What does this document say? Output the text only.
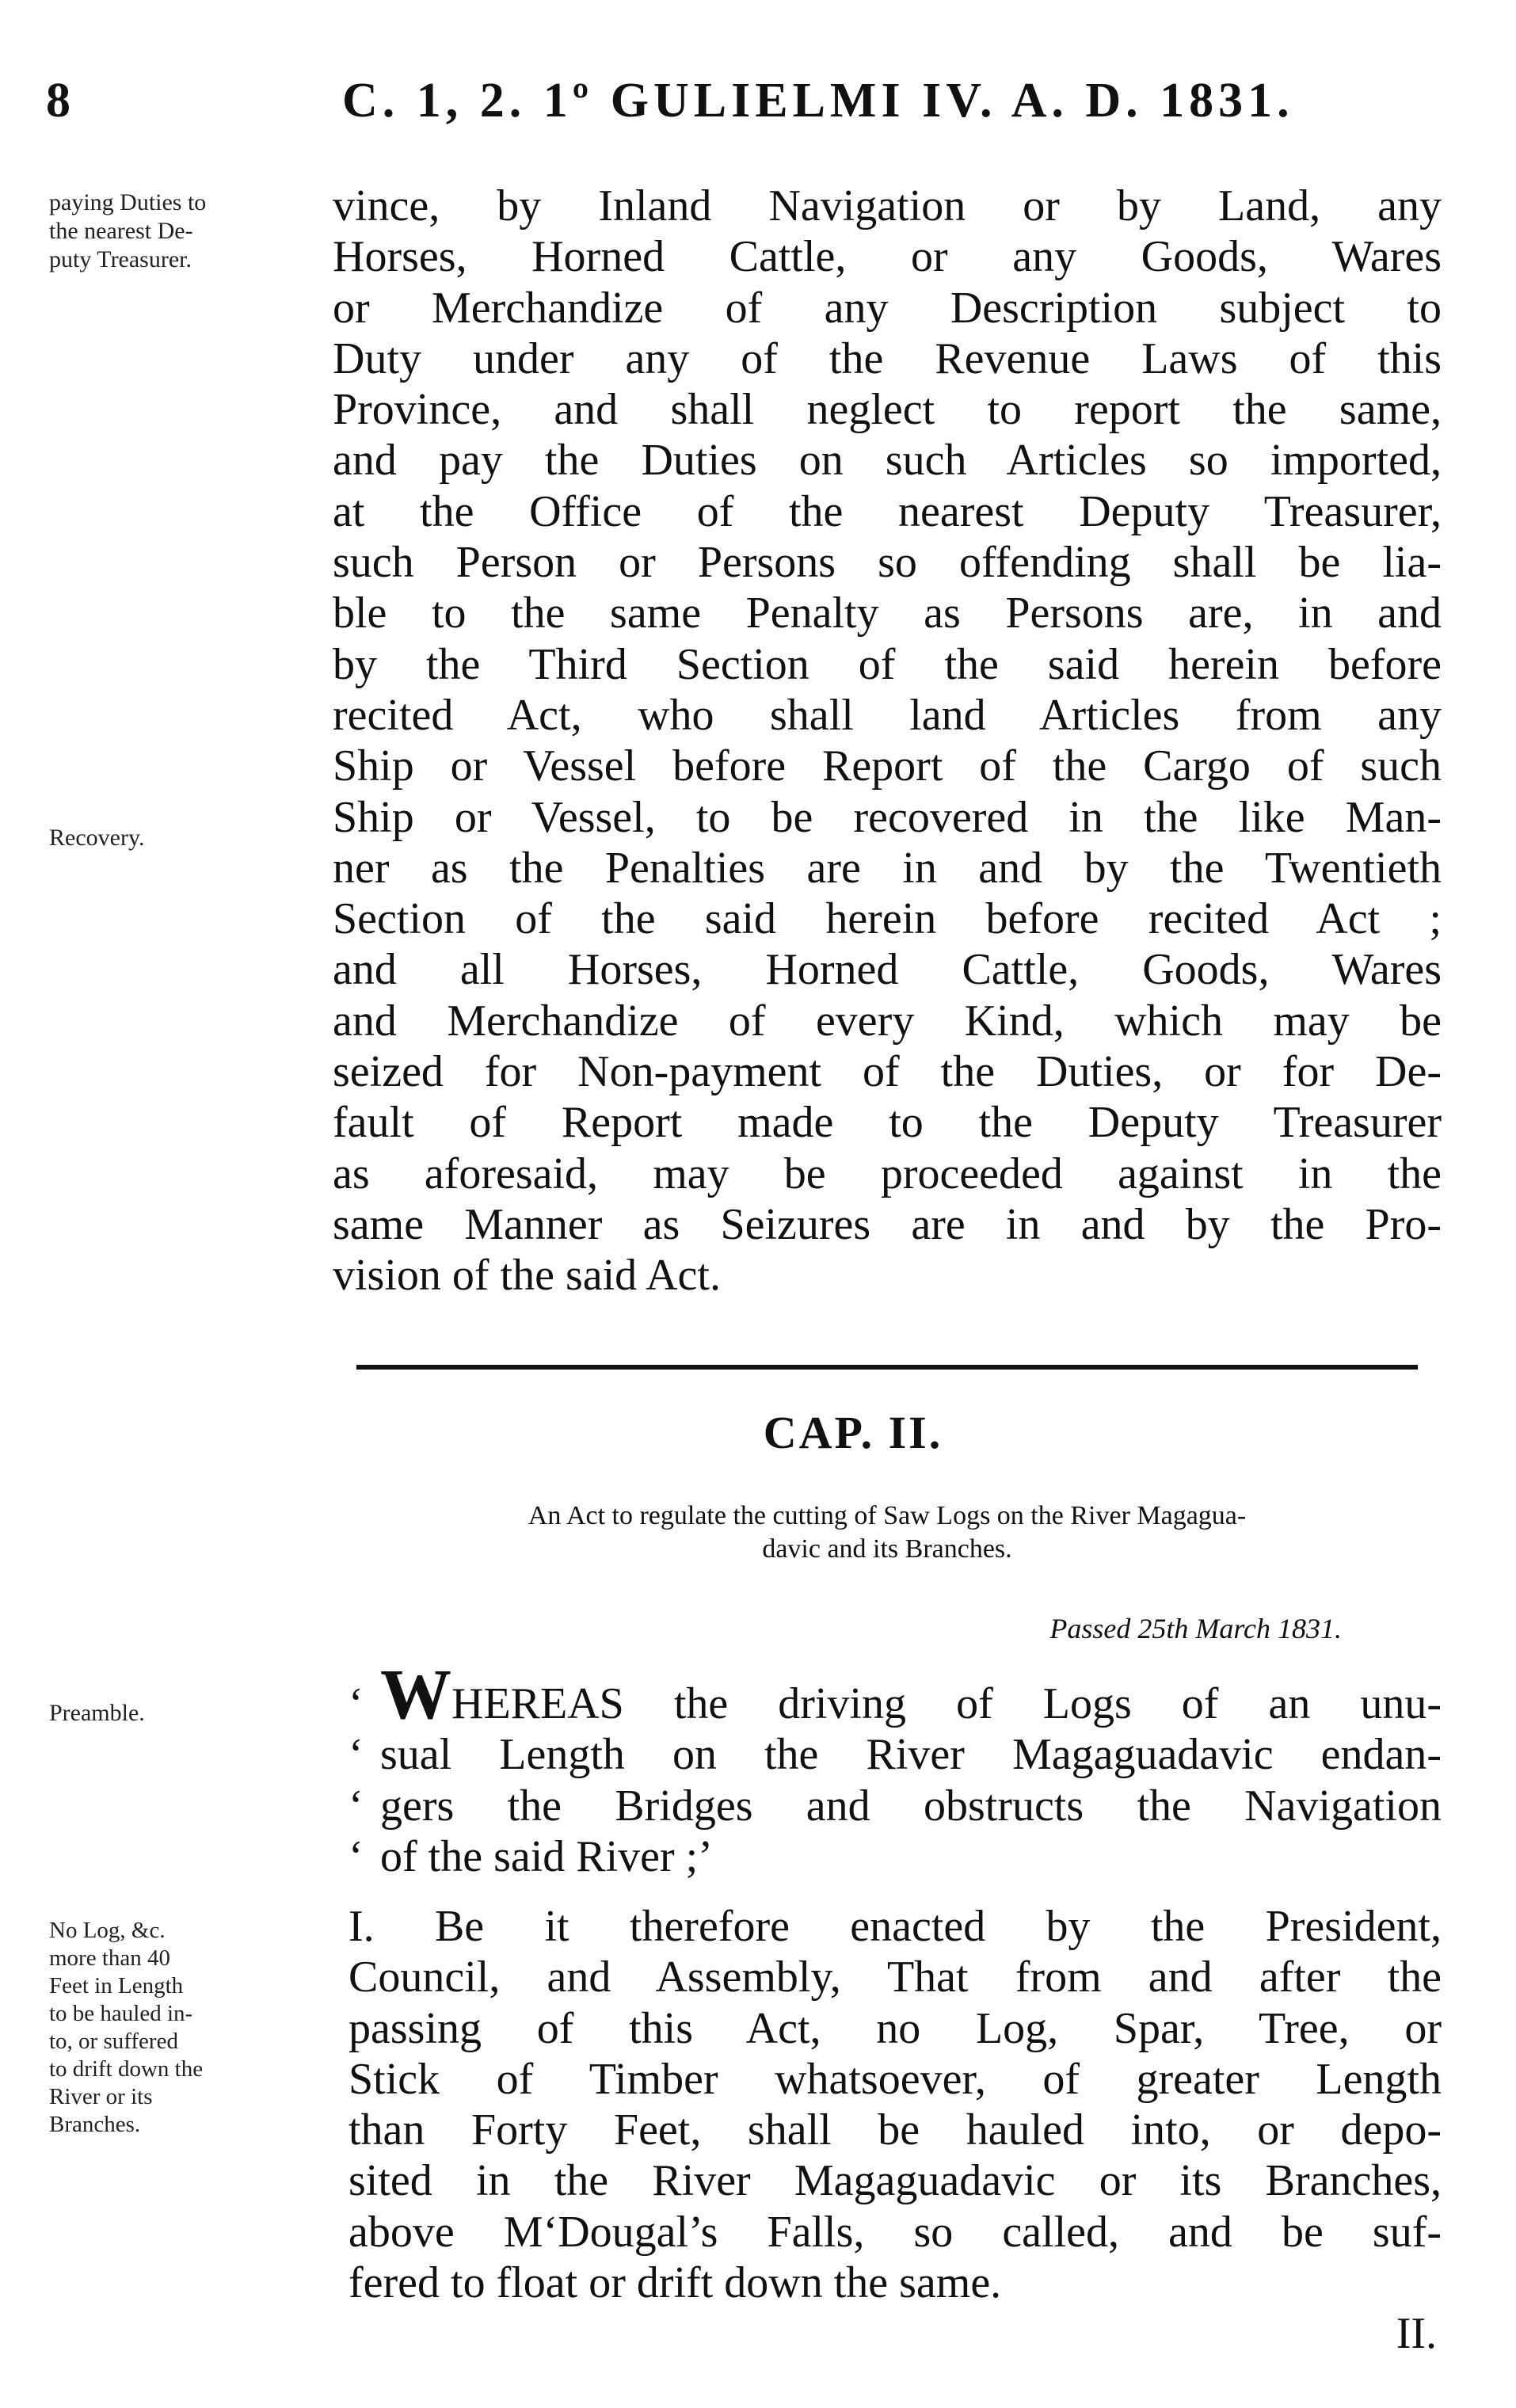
8	C. 1, 2. 1º GULIELMI IV. A. D. 1831.
paying Duties to
the nearest De-
puty Treasurer.
Recovery.
Preamble.
No Log, &c.
more than 40
Feet in Length
to be hauled in-
to, or suffered
to drift down the
River or its
Branches.
vince, by Inland Navigation or by Land, any
Horses, Horned Cattle, or any Goods, Wares
or Merchandize of any Description subject to
Duty under any of the Revenue Laws of this
Province, and shall neglect to report the same,
and pay the Duties on such Articles so imported,
at the Office of the nearest Deputy Treasurer,
such Person or Persons so offending shall be lia-
ble to the same Penalty as Persons are, in and
by the Third Section of the said herein before
recited Act, who shall land Articles from any
Ship or Vessel before Report of the Cargo of such
Ship or Vessel, to be recovered in the like Man-
ner as the Penalties are in and by the Twentieth
Section of the said herein before recited Act ;
and all Horses, Horned Cattle, Goods, Wares
and Merchandize of every Kind, which may be
seized for Non-payment of the Duties, or for De-
fault of Report made to the Deputy Treasurer
as aforesaid, may be proceeded against in the
same Manner as Seizures are in and by the Pro-
vision of the said Act.
CAP. II.
An Act to regulate the cutting of Saw Logs on the River Magagua-
davic and its Branches.
Passed 25th March 1831.
‘ WHEREAS the driving of Logs of an unu-
‘ sual Length on the River Magaguadavic endan-
‘ gers the Bridges and obstructs the Navigation
‘ of the said River ;’
I. Be it therefore enacted by the President,
Council, and Assembly, That from and after the
passing of this Act, no Log, Spar, Tree, or
Stick of Timber whatsoever, of greater Length
than Forty Feet, shall be hauled into, or depo-
sited in the River Magaguadavic or its Branches,
above M‘Dougal’s Falls, so called, and be suf-
fered to float or drift down the same.
II.
